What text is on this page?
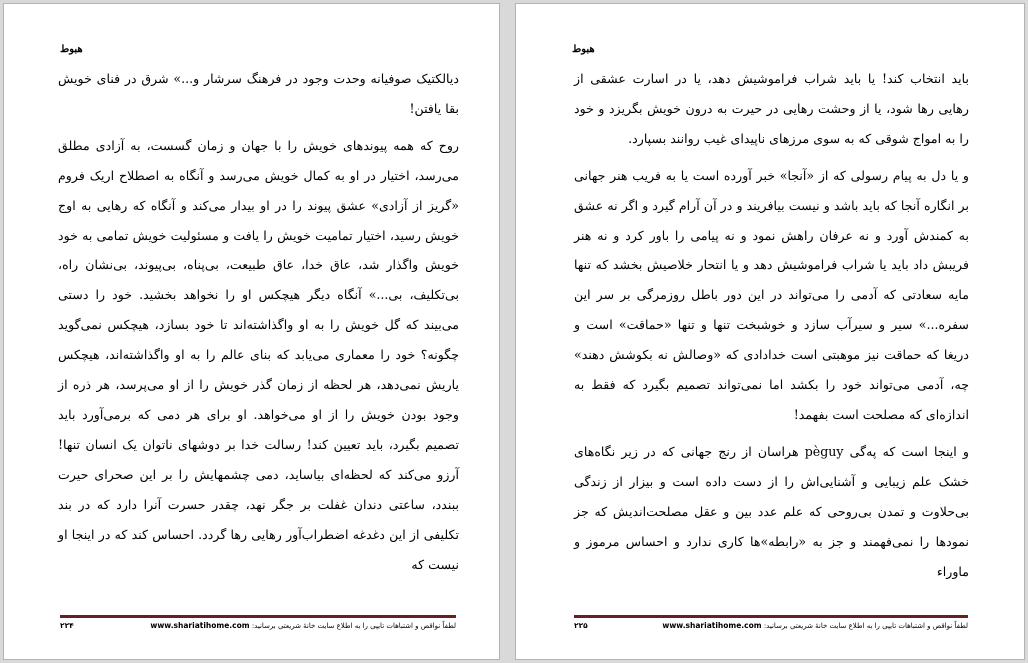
هبوط

دیالکتیک صوفیانه وحدت وجود در فرهنگ سرشار و...» شرق در فنای خویش بقا یافتن!

روح که همه پیوندهای خویش را با جهان و زمان گسست، به آزادی مطلق می‌رسد، اختیار در او به کمال خویش می‌رسد و آنگاه به اصطلاح اریک فروم «گریز از آزادی» عشق پیوند را در او بیدار می‌کند و آنگاه که رهایی به اوج خویش رسید، اختیار تمامیت خویش را یافت و مسئولیت خویش تمامی به خود خویش واگذار شد، عاق خدا، عاق طبیعت، بی‌پناه، بی‌پیوند، بی‌نشان راه، بی‌تکلیف، بی...» آنگاه دیگر هیچکس او را نخواهد بخشید. خود را دستی می‌بیند که گل خویش را به او واگذاشته‌اند تا خود بسازد، هیچکس نمی‌گوید چگونه؟ خود را معماری می‌یابد که بنای عالم را به او واگذاشته‌اند، هیچکس یاریش نمی‌دهد، هر لحظه از زمان گذر خویش را از او می‌پرسد، هر ذره از وجود بودن خویش را از او می‌خواهد. او برای هر دمی که برمی‌آورد باید تصمیم بگیرد، باید تعیین کند! رسالت خدا بر دوشهای ناتوان یک انسان تنها! آرزو می‌کند که لحظه‌ای بیاساید، دمی چشمهایش را بر این صحرای حیرت ببندد، ساعتی دندان غفلت بر جگر نهد، چقدر حسرت آنرا دارد که در بند تکلیفی از این دغدغه اضطراب‌آور رهایی رها گردد. احساس کند که در اینجا او نیست که

۲۲۴	لطفاً نواقص و اشتباهات تایپی را به اطلاع سایت خانهٔ شریعتی برسانید: www.shariatihome.com
هبوط

باید انتخاب کند! یا باید شراب فراموشیش دهد، یا در اسارت عشقی از رهایی رها شود، یا از وحشت رهایی در حیرت به درون خویش بگریزد و خود را به امواج شوقی که به سوی مرزهای ناپیدای غیب روانند بسپارد.

و یا دل به پیام رسولی که از «آنجا» خبر آورده است یا به فریب هنر جهانی بر انگاره آنجا که باید باشد و نیست بیافریند و در آن آرام گیرد و اگر نه عشق به کمندش آورد و نه عرفان راهش نمود و نه پیامی را باور کرد و نه هنر فریبش داد باید یا شراب فراموشیش دهد و یا انتحار خلاصیش بخشد که تنها مایه سعادتی که آدمی را می‌تواند در این دور باطل روزمرگی بر سر این سفره...» سیر و سیرآب سازد و خوشبخت تنها و تنها «حماقت» است و دریغا که حماقت نیز موهبتی است خدادادی که «وصالش نه بکوشش دهند» چه، آدمی می‌تواند خود را بکشد اما نمی‌تواند تصمیم بگیرد که فقط به اندازه‌ای که مصلحت است بفهمد!

و اینجا است که په‌گی pèguy هراسان از رنج جهانی که در زیر نگاه‌های خشک علم زیبایی و آشنایی‌اش را از دست داده است و بیزار از زندگی بی‌حلاوت و تمدن بی‌روحی که علم عدد بین و عقل مصلحت‌اندیش که جز نمودها را نمی‌فهمند و جز به «رابطه»ها کاری ندارد و احساس مرموز و ماوراء

۲۲۵	لطفاً نواقص و اشتباهات تایپی را به اطلاع سایت خانهٔ شریعتی برسانید: www.shariatihome.com
